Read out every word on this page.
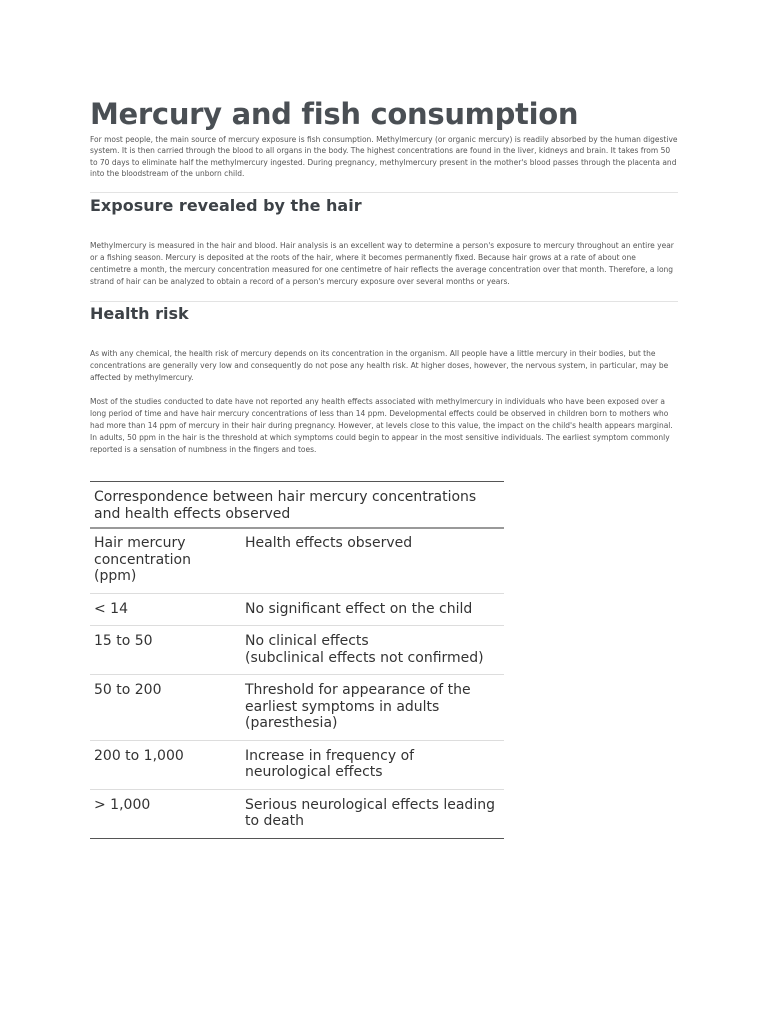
Mercury and fish consumption

For most people, the main source of mercury exposure is fish consumption. Methylmercury (or organic mercury) is readily absorbed by the human digestive system. It is then carried through the blood to all organs in the body. The highest concentrations are found in the liver, kidneys and brain. It takes from 50 to 70 days to eliminate half the methylmercury ingested. During pregnancy, methylmercury present in the mother's blood passes through the placenta and into the bloodstream of the unborn child.

Exposure revealed by the hair

Methylmercury is measured in the hair and blood. Hair analysis is an excellent way to determine a person's exposure to mercury throughout an entire year or a fishing season. Mercury is deposited at the roots of the hair, where it becomes permanently fixed. Because hair grows at a rate of about one centimetre a month, the mercury concentration measured for one centimetre of hair reflects the average concentration over that month. Therefore, a long strand of hair can be analyzed to obtain a record of a person's mercury exposure over several months or years.

Health risk

As with any chemical, the health risk of mercury depends on its concentration in the organism. All people have a little mercury in their bodies, but the concentrations are generally very low and consequently do not pose any health risk. At higher doses, however, the nervous system, in particular, may be affected by methylmercury.

Most of the studies conducted to date have not reported any health effects associated with methylmercury in individuals who have been exposed over a long period of time and have hair mercury concentrations of less than 14 ppm. Developmental effects could be observed in children born to mothers who had more than 14 ppm of mercury in their hair during pregnancy. However, at levels close to this value, the impact on the child's health appears marginal. In adults, 50 ppm in the hair is the threshold at which symptoms could begin to appear in the most sensitive individuals. The earliest symptom commonly reported is a sensation of numbness in the fingers and toes.

Correspondence between hair mercury concentrations and health effects observed
Hair mercury concentration (ppm)	Health effects observed
< 14	No significant effect on the child
15 to 50	No clinical effects
(subclinical effects not confirmed)
50 to 200	Threshold for appearance of the earliest symptoms in adults (paresthesia)
200 to 1,000	Increase in frequency of neurological effects
> 1,000	Serious neurological effects leading to death
